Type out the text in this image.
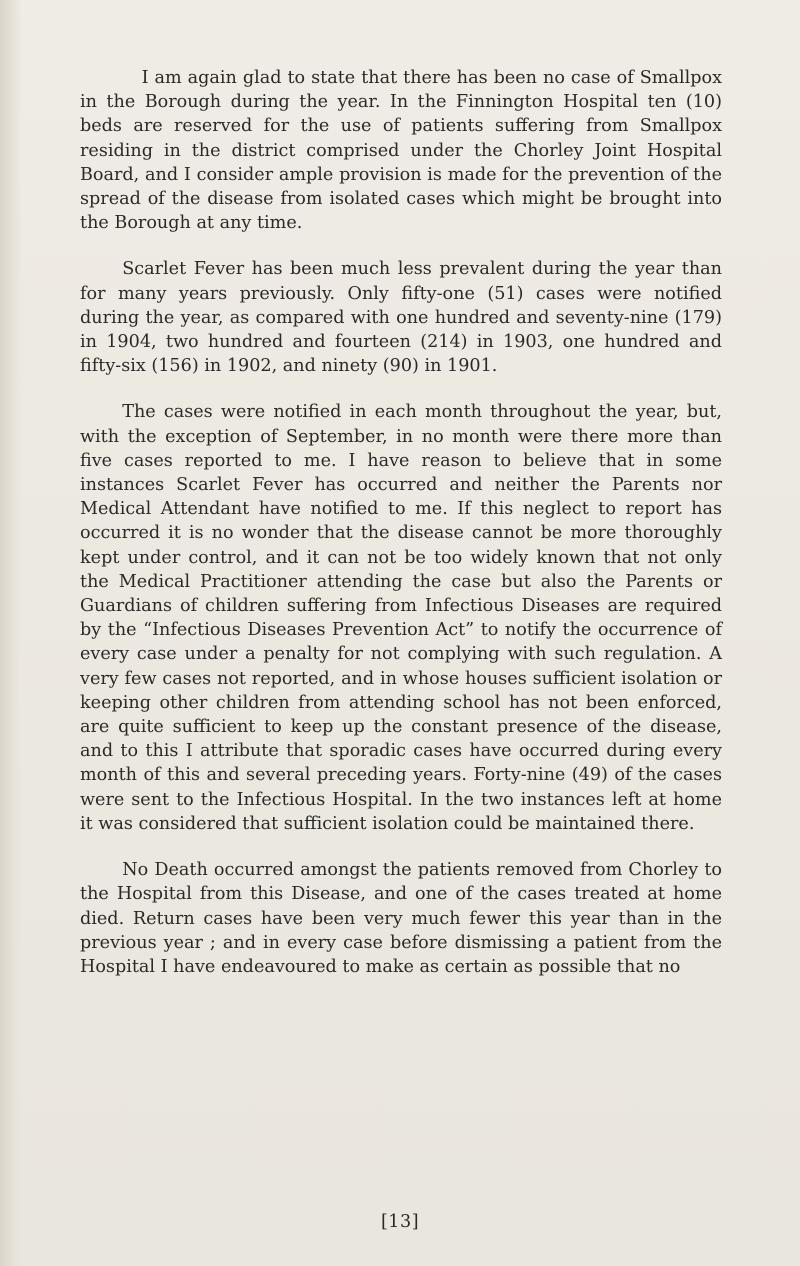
I am again glad to state that there has been no case of Smallpox in the Borough during the year. In the Finnington Hospital ten (10) beds are reserved for the use of patients suffering from Smallpox residing in the district comprised under the Chorley Joint Hospital Board, and I consider ample provision is made for the prevention of the spread of the disease from isolated cases which might be brought into the Borough at any time.

Scarlet Fever has been much less prevalent during the year than for many years previously. Only fifty-one (51) cases were notified during the year, as compared with one hundred and seventy-nine (179) in 1904, two hundred and fourteen (214) in 1903, one hundred and fifty-six (156) in 1902, and ninety (90) in 1901.

The cases were notified in each month throughout the year, but, with the exception of September, in no month were there more than five cases reported to me. I have reason to believe that in some instances Scarlet Fever has occurred and neither the Parents nor Medical Attendant have notified to me. If this neglect to report has occurred it is no wonder that the disease cannot be more thoroughly kept under control, and it can not be too widely known that not only the Medical Practitioner attending the case but also the Parents or Guardians of children suffering from Infectious Diseases are required by the “Infectious Diseases Prevention Act” to notify the occurrence of every case under a penalty for not complying with such regulation. A very few cases not reported, and in whose houses sufficient isolation or keeping other children from attending school has not been enforced, are quite sufficient to keep up the constant presence of the disease, and to this I attribute that sporadic cases have occurred during every month of this and several preceding years. Forty-nine (49) of the cases were sent to the Infectious Hospital. In the two instances left at home it was considered that sufficient isolation could be maintained there.

No Death occurred amongst the patients removed from Chorley to the Hospital from this Disease, and one of the cases treated at home died. Return cases have been very much fewer this year than in the previous year ; and in every case before dismissing a patient from the Hospital I have endeavoured to make as certain as possible that no

[13]
